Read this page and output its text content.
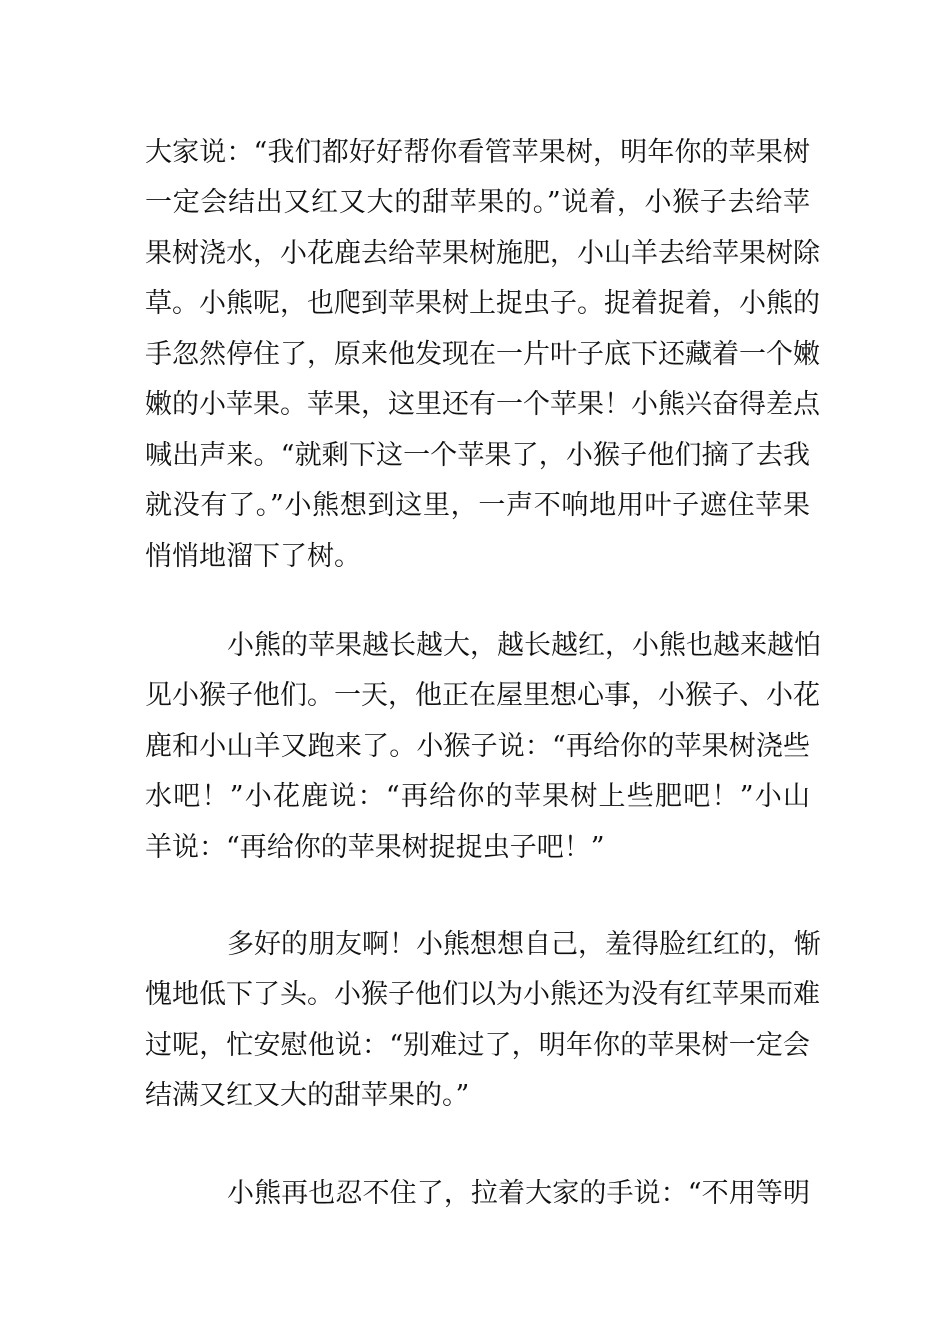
大家说：“我们都好好帮你看管苹果树，明年你的苹果树
一定会结出又红又大的甜苹果的。”说着，小猴子去给苹
果树浇水，小花鹿去给苹果树施肥，小山羊去给苹果树除
草。小熊呢，也爬到苹果树上捉虫子。捉着捉着，小熊的
手忽然停住了，原来他发现在一片叶子底下还藏着一个嫩
嫩的小苹果。苹果，这里还有一个苹果！小熊兴奋得差点
喊出声来。“就剩下这一个苹果了，小猴子他们摘了去我
就没有了。”小熊想到这里，一声不响地用叶子遮住苹果
悄悄地溜下了树。
小熊的苹果越长越大，越长越红，小熊也越来越怕
见小猴子他们。一天，他正在屋里想心事，小猴子、小花
鹿和小山羊又跑来了。小猴子说：“再给你的苹果树浇些
水吧！”小花鹿说：“再给你的苹果树上些肥吧！”小山
羊说：“再给你的苹果树捉捉虫子吧！”
多好的朋友啊！小熊想想自己，羞得脸红红的，惭
愧地低下了头。小猴子他们以为小熊还为没有红苹果而难
过呢，忙安慰他说：“别难过了，明年你的苹果树一定会
结满又红又大的甜苹果的。”
小熊再也忍不住了，拉着大家的手说：“不用等明
